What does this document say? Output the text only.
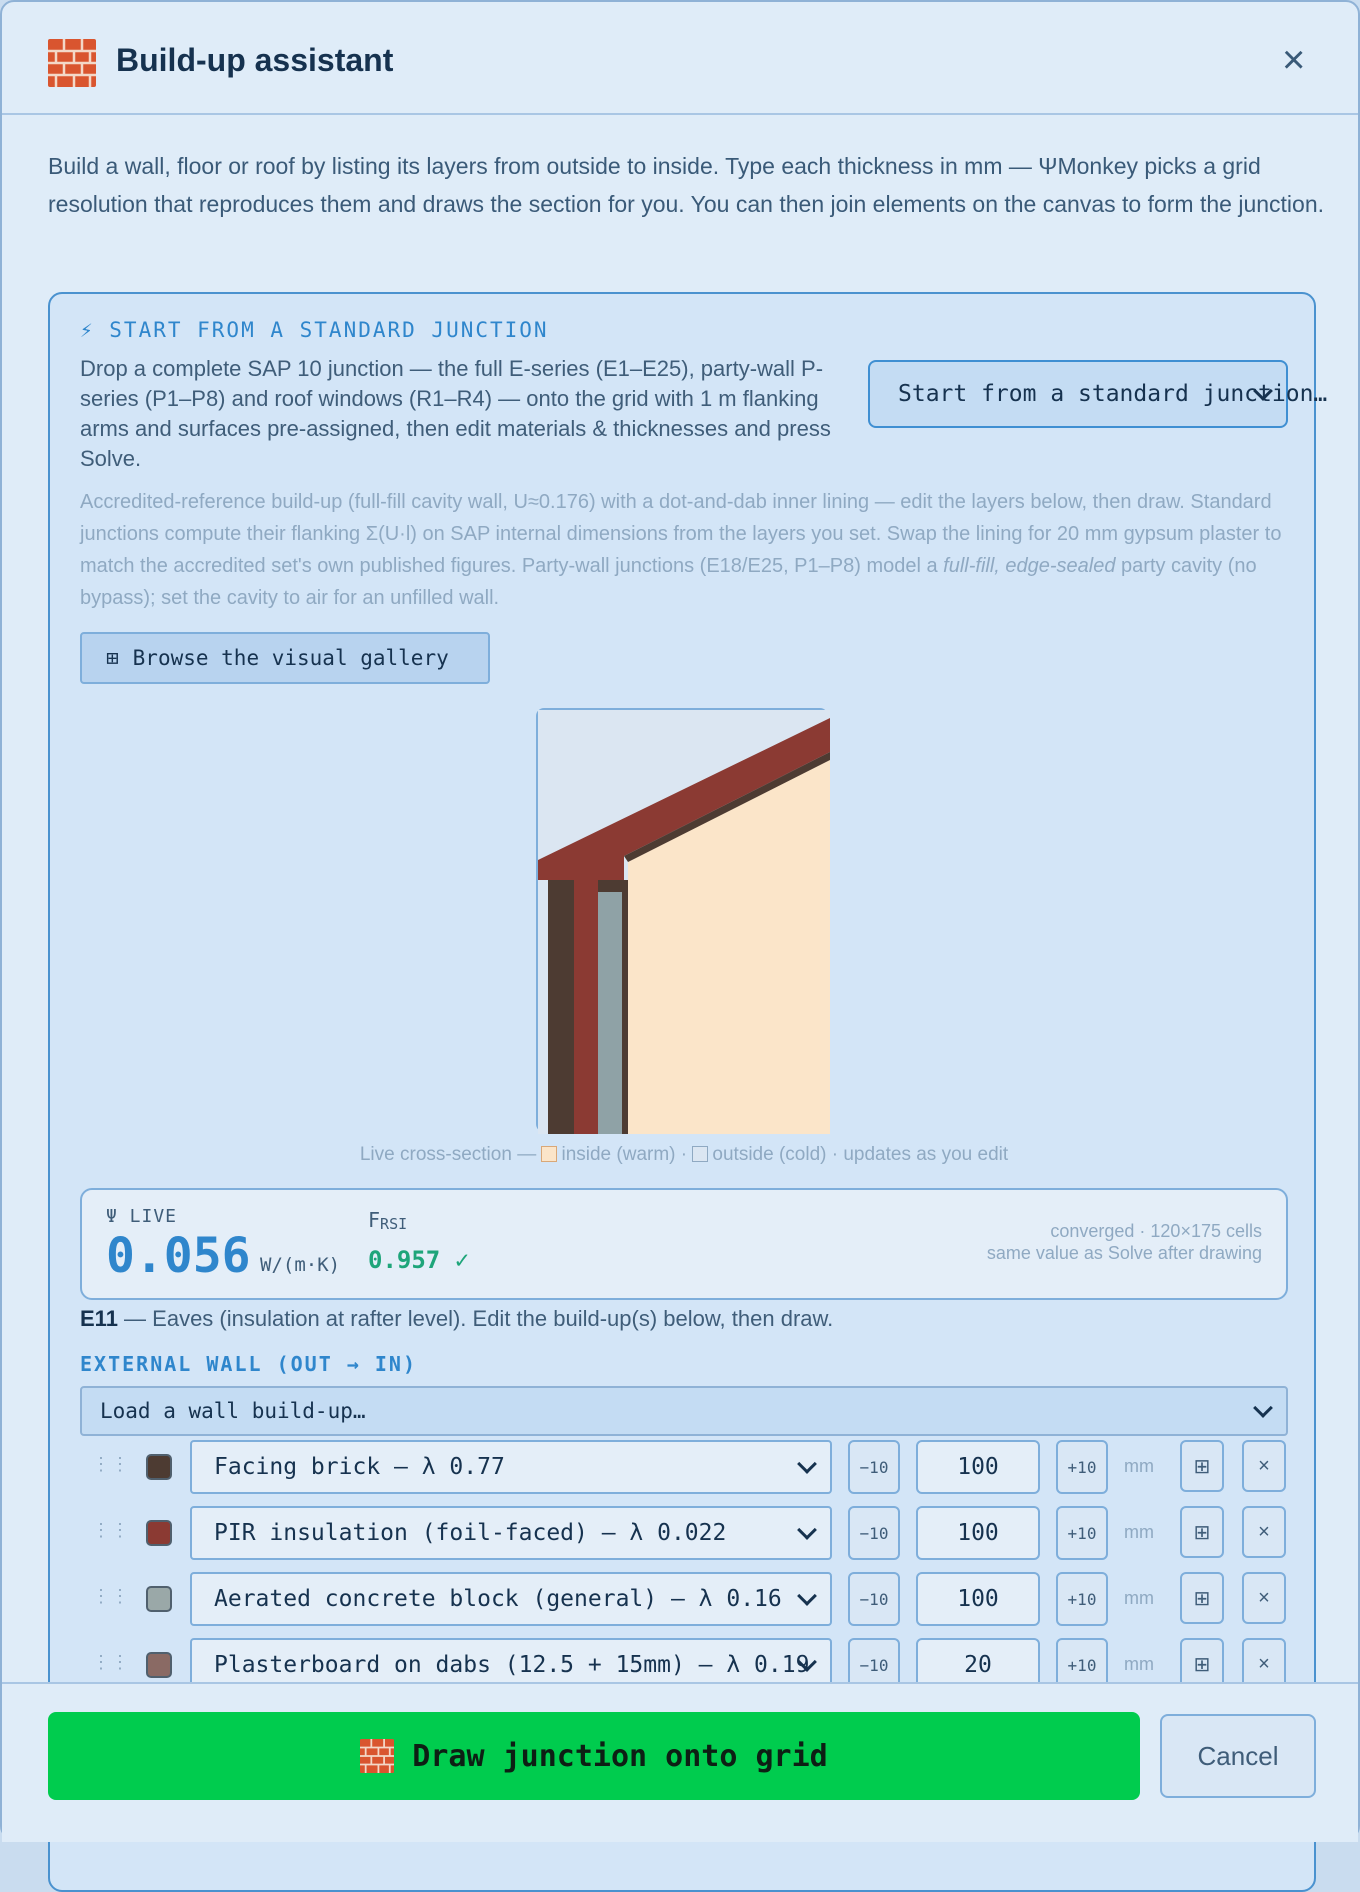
Build-up assistant	×
Build a wall, floor or roof by listing its layers from outside to inside. Type each thickness in mm — ΨMonkey picks a grid resolution that reproduces them and draws the section for you. You can then join elements on the canvas to form the junction.
⚡ START FROM A STANDARD JUNCTION
Drop a complete SAP 10 junction — the full E-series (E1–E25), party-wall P-series (P1–P8) and roof windows (R1–R4) — onto the grid with 1 m flanking arms and surfaces pre-assigned, then edit materials & thicknesses and press Solve.
Start from a standard junction…
Accredited-reference build-up (full-fill cavity wall, U≈0.176) with a dot-and-dab inner lining — edit the layers below, then draw. Standard junctions compute their flanking Σ(U·l) on SAP internal dimensions from the layers you set. Swap the lining for 20 mm gypsum plaster to match the accredited set's own published figures. Party-wall junctions (E18/E25, P1–P8) model a full-fill, edge-sealed party cavity (no bypass); set the cavity to air for an unfilled wall.
⊞ Browse the visual gallery
Live cross-section — inside (warm) · outside (cold) · updates as you edit
Ψ LIVE
0.056 W/(m·K)
$F_{RSI}$
0.957 ✓
converged · 120×175 cells
same value as Solve after drawing
E11 — Eaves (insulation at rafter level). Edit the build-up(s) below, then draw.
EXTERNAL WALL (OUT → IN)
Load a wall build-up…
⋮⋮	Facing brick — λ 0.77	−10	100	+10	mm	⊞	×
⋮⋮	PIR insulation (foil-faced) — λ 0.022	−10	100	+10	mm	⊞	×
⋮⋮	Aerated concrete block (general) — λ 0.16	−10	100	+10	mm	⊞	×
⋮⋮	Plasterboard on dabs (12.5 + 15mm) — λ 0.19	−10	20	+10	mm	⊞	×
Draw junction onto grid	Cancel
